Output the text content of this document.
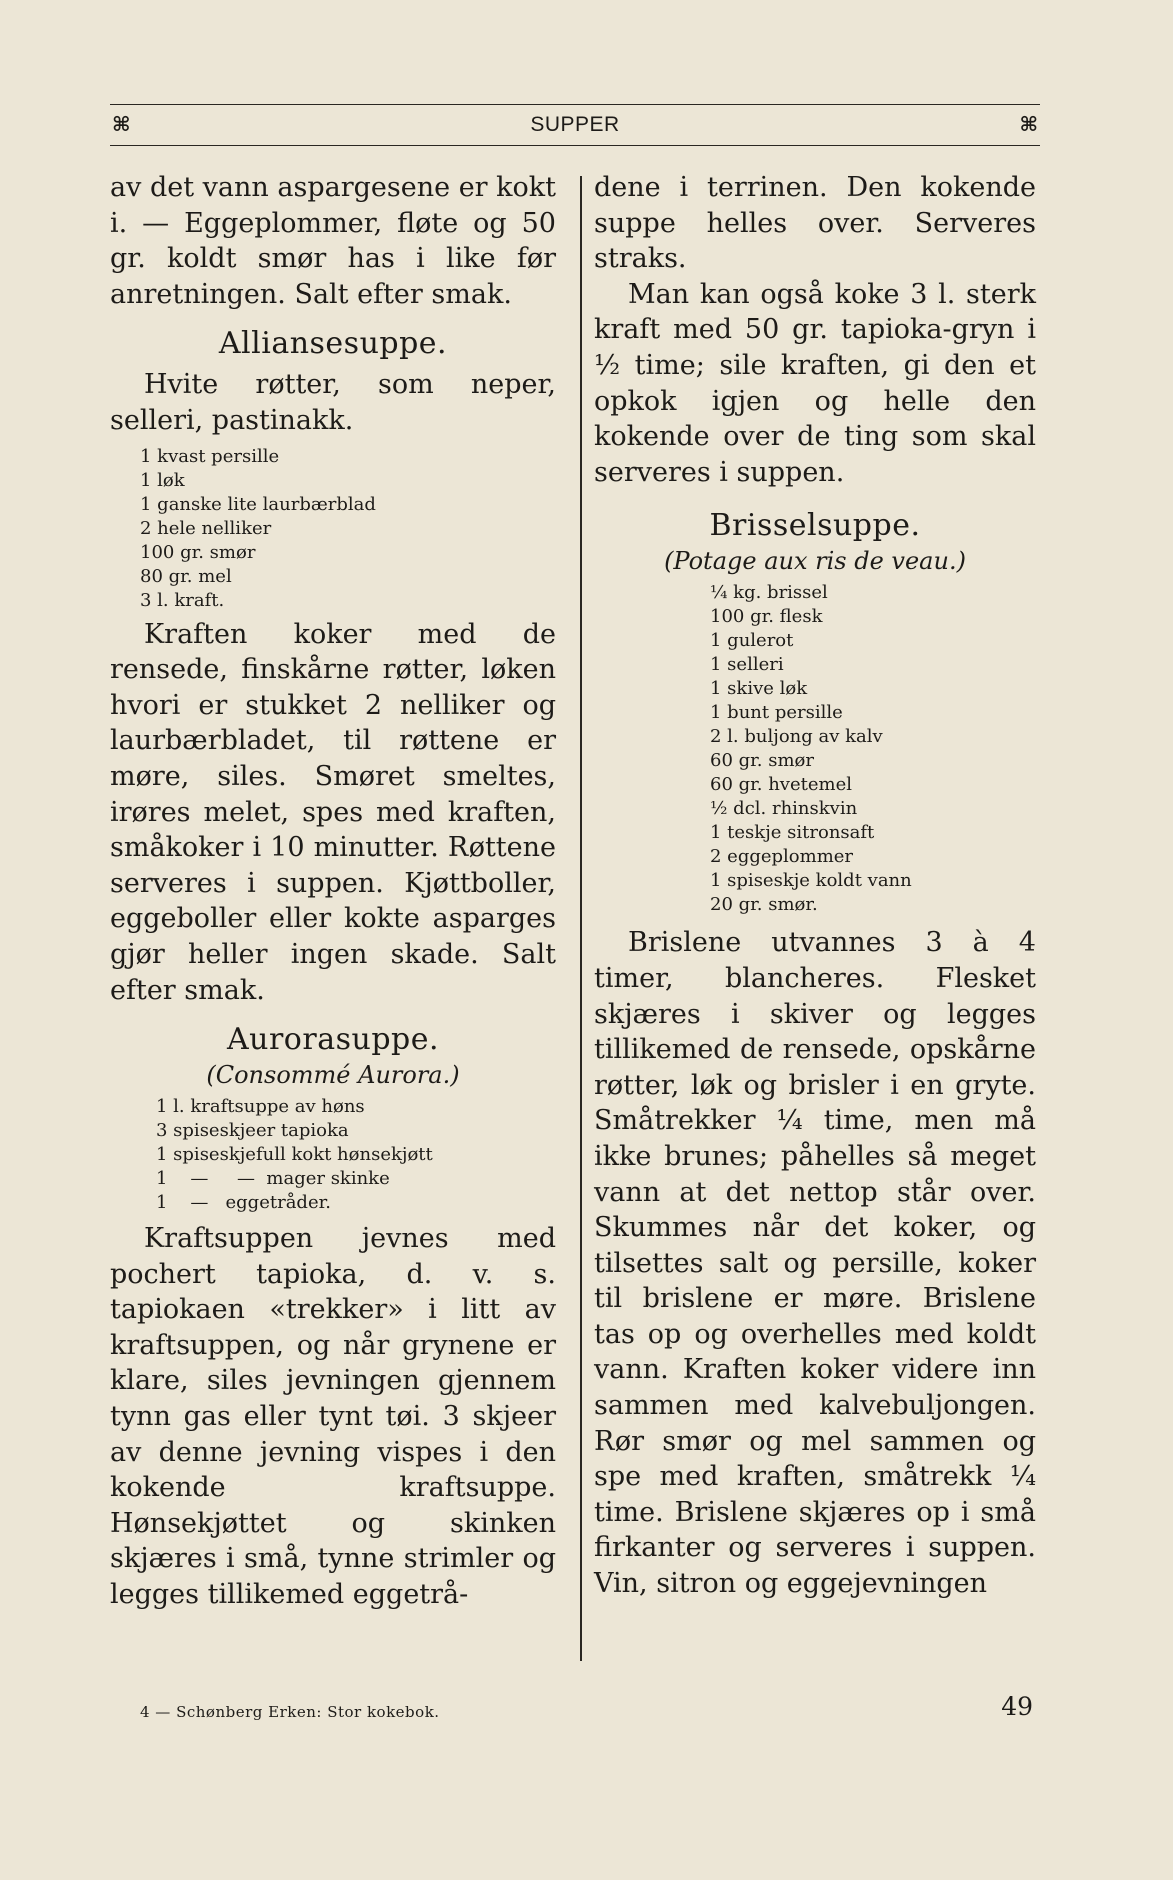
⌘	SUPPER	⌘

av det vann aspargesene er kokt i. — Eggeplommer, fløte og 50 gr. koldt smør has i like før anretningen. Salt efter smak.

Alliansesuppe.

Hvite røtter, som neper, selleri, pastinakk.

1 kvast persille
1 løk
1 ganske lite laurbærblad
2 hele nelliker
100 gr. smør
80 gr. mel
3 l. kraft.

Kraften koker med de rensede, finskårne røtter, løken hvori er stukket 2 nelliker og laurbærbladet, til røttene er møre, siles. Smøret smeltes, irøres melet, spes med kraften, småkoker i 10 minutter. Røttene serveres i suppen. Kjøttboller, eggeboller eller kokte asparges gjør heller ingen skade. Salt efter smak.

Aurorasuppe.

(Consommé Aurora.)

1 l. kraftsuppe av høns
3 spiseskjeer tapioka
1 spiseskjefull kokt hønsekjøtt
1    —     —  mager skinke
1    —   eggetråder.

Kraftsuppen jevnes med pochert tapioka, d. v. s. tapiokaen «trekker» i litt av kraftsuppen, og når grynene er klare, siles jevningen gjennem tynn gas eller tynt tøi. 3 skjeer av denne jevning vispes i den kokende kraftsuppe. Hønsekjøttet og skinken skjæres i små, tynne strimler og legges tillikemed eggetrå-

dene i terrinen. Den kokende suppe helles over. Serveres straks.

Man kan også koke 3 l. sterk kraft med 50 gr. tapioka-gryn i ½ time; sile kraften, gi den et opkok igjen og helle den kokende over de ting som skal serveres i suppen.

Brisselsuppe.

(Potage aux ris de veau.)

¼ kg. brissel
100 gr. flesk
1 gulerot
1 selleri
1 skive løk
1 bunt persille
2 l. buljong av kalv
60 gr. smør
60 gr. hvetemel
½ dcl. rhinskvin
1 teskje sitronsaft
2 eggeplommer
1 spiseskje koldt vann
20 gr. smør.

Brislene utvannes 3 à 4 timer, blancheres. Flesket skjæres i skiver og legges tillikemed de rensede, opskårne røtter, løk og brisler i en gryte. Småtrekker ¼ time, men må ikke brunes; påhelles så meget vann at det nettop står over. Skummes når det koker, og tilsettes salt og persille, koker til brislene er møre. Brislene tas op og overhelles med koldt vann. Kraften koker videre inn sammen med kalvebuljongen. Rør smør og mel sammen og spe med kraften, småtrekk ¼ time. Brislene skjæres op i små firkanter og serveres i suppen. Vin, sitron og eggejevningen

4 — Schønberg Erken: Stor kokebok.	49
